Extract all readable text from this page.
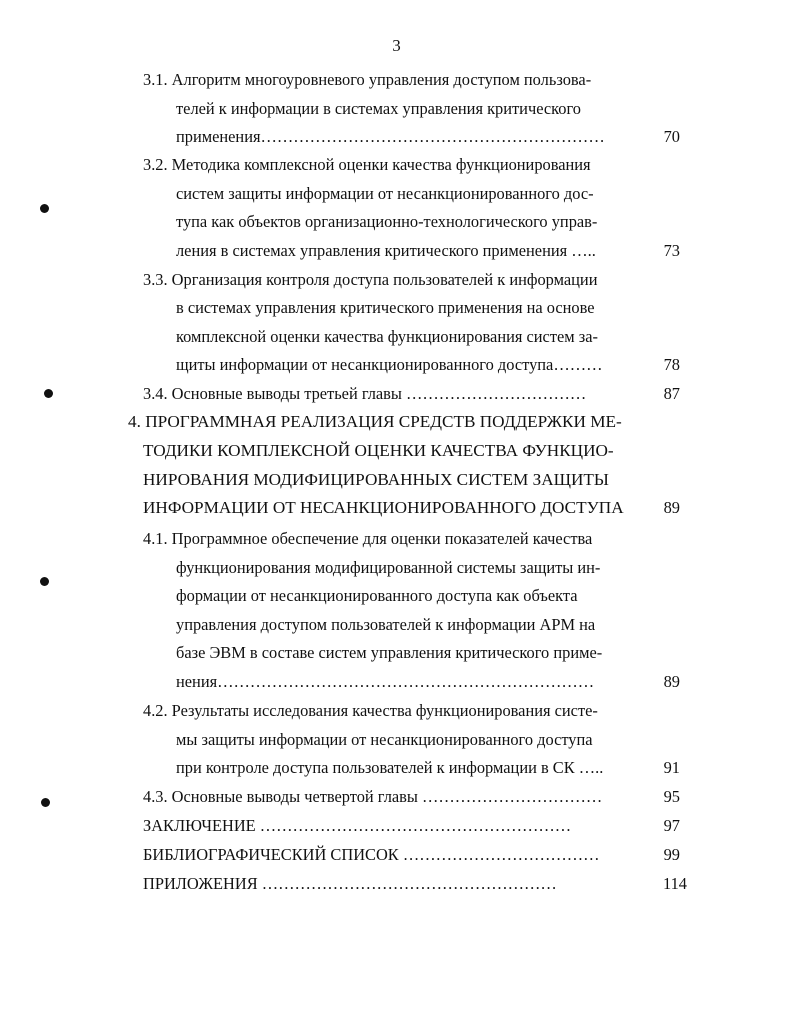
3
3.1. Алгоритм многоуровневого управления доступом пользова-
телей к информации в системах управления критического
применения………………………………………………………	70
3.2. Методика комплексной оценки качества функционирования
систем защиты информации от несанкционированного дос-
тупа как объектов организационно-технологического управ-
ления в системах управления критического применения …..	73
3.3. Организация контроля доступа пользователей к информации
в системах управления критического применения на основе
комплексной оценки качества функционирования систем за-
щиты информации от несанкционированного доступа………	78
3.4. Основные выводы третьей главы ……………………………	87
4. ПРОГРАММНАЯ РЕАЛИЗАЦИЯ СРЕДСТВ ПОДДЕРЖКИ МЕ-
ТОДИКИ КОМПЛЕКСНОЙ ОЦЕНКИ КАЧЕСТВА ФУНКЦИО-
НИРОВАНИЯ МОДИФИЦИРОВАННЫХ СИСТЕМ ЗАЩИТЫ
ИНФОРМАЦИИ ОТ НЕСАНКЦИОНИРОВАННОГО ДОСТУПА	89
4.1. Программное обеспечение для оценки показателей качества
функционирования модифицированной системы защиты ин-
формации от несанкционированного доступа как объекта
управления доступом пользователей к информации АРМ на
базе ЭВМ в составе систем управления критического приме-
нения……………………………………………………………	89
4.2. Результаты исследования качества функционирования систе-
мы защиты информации от несанкционированного доступа
при контроле доступа пользователей к информации в СК …..	91
4.3. Основные выводы четвертой главы ……………………………	95
ЗАКЛЮЧЕНИЕ …………………………………………………	97
БИБЛИОГРАФИЧЕСКИЙ СПИСОК ………………………………	99
ПРИЛОЖЕНИЯ ………………………………………………	114
